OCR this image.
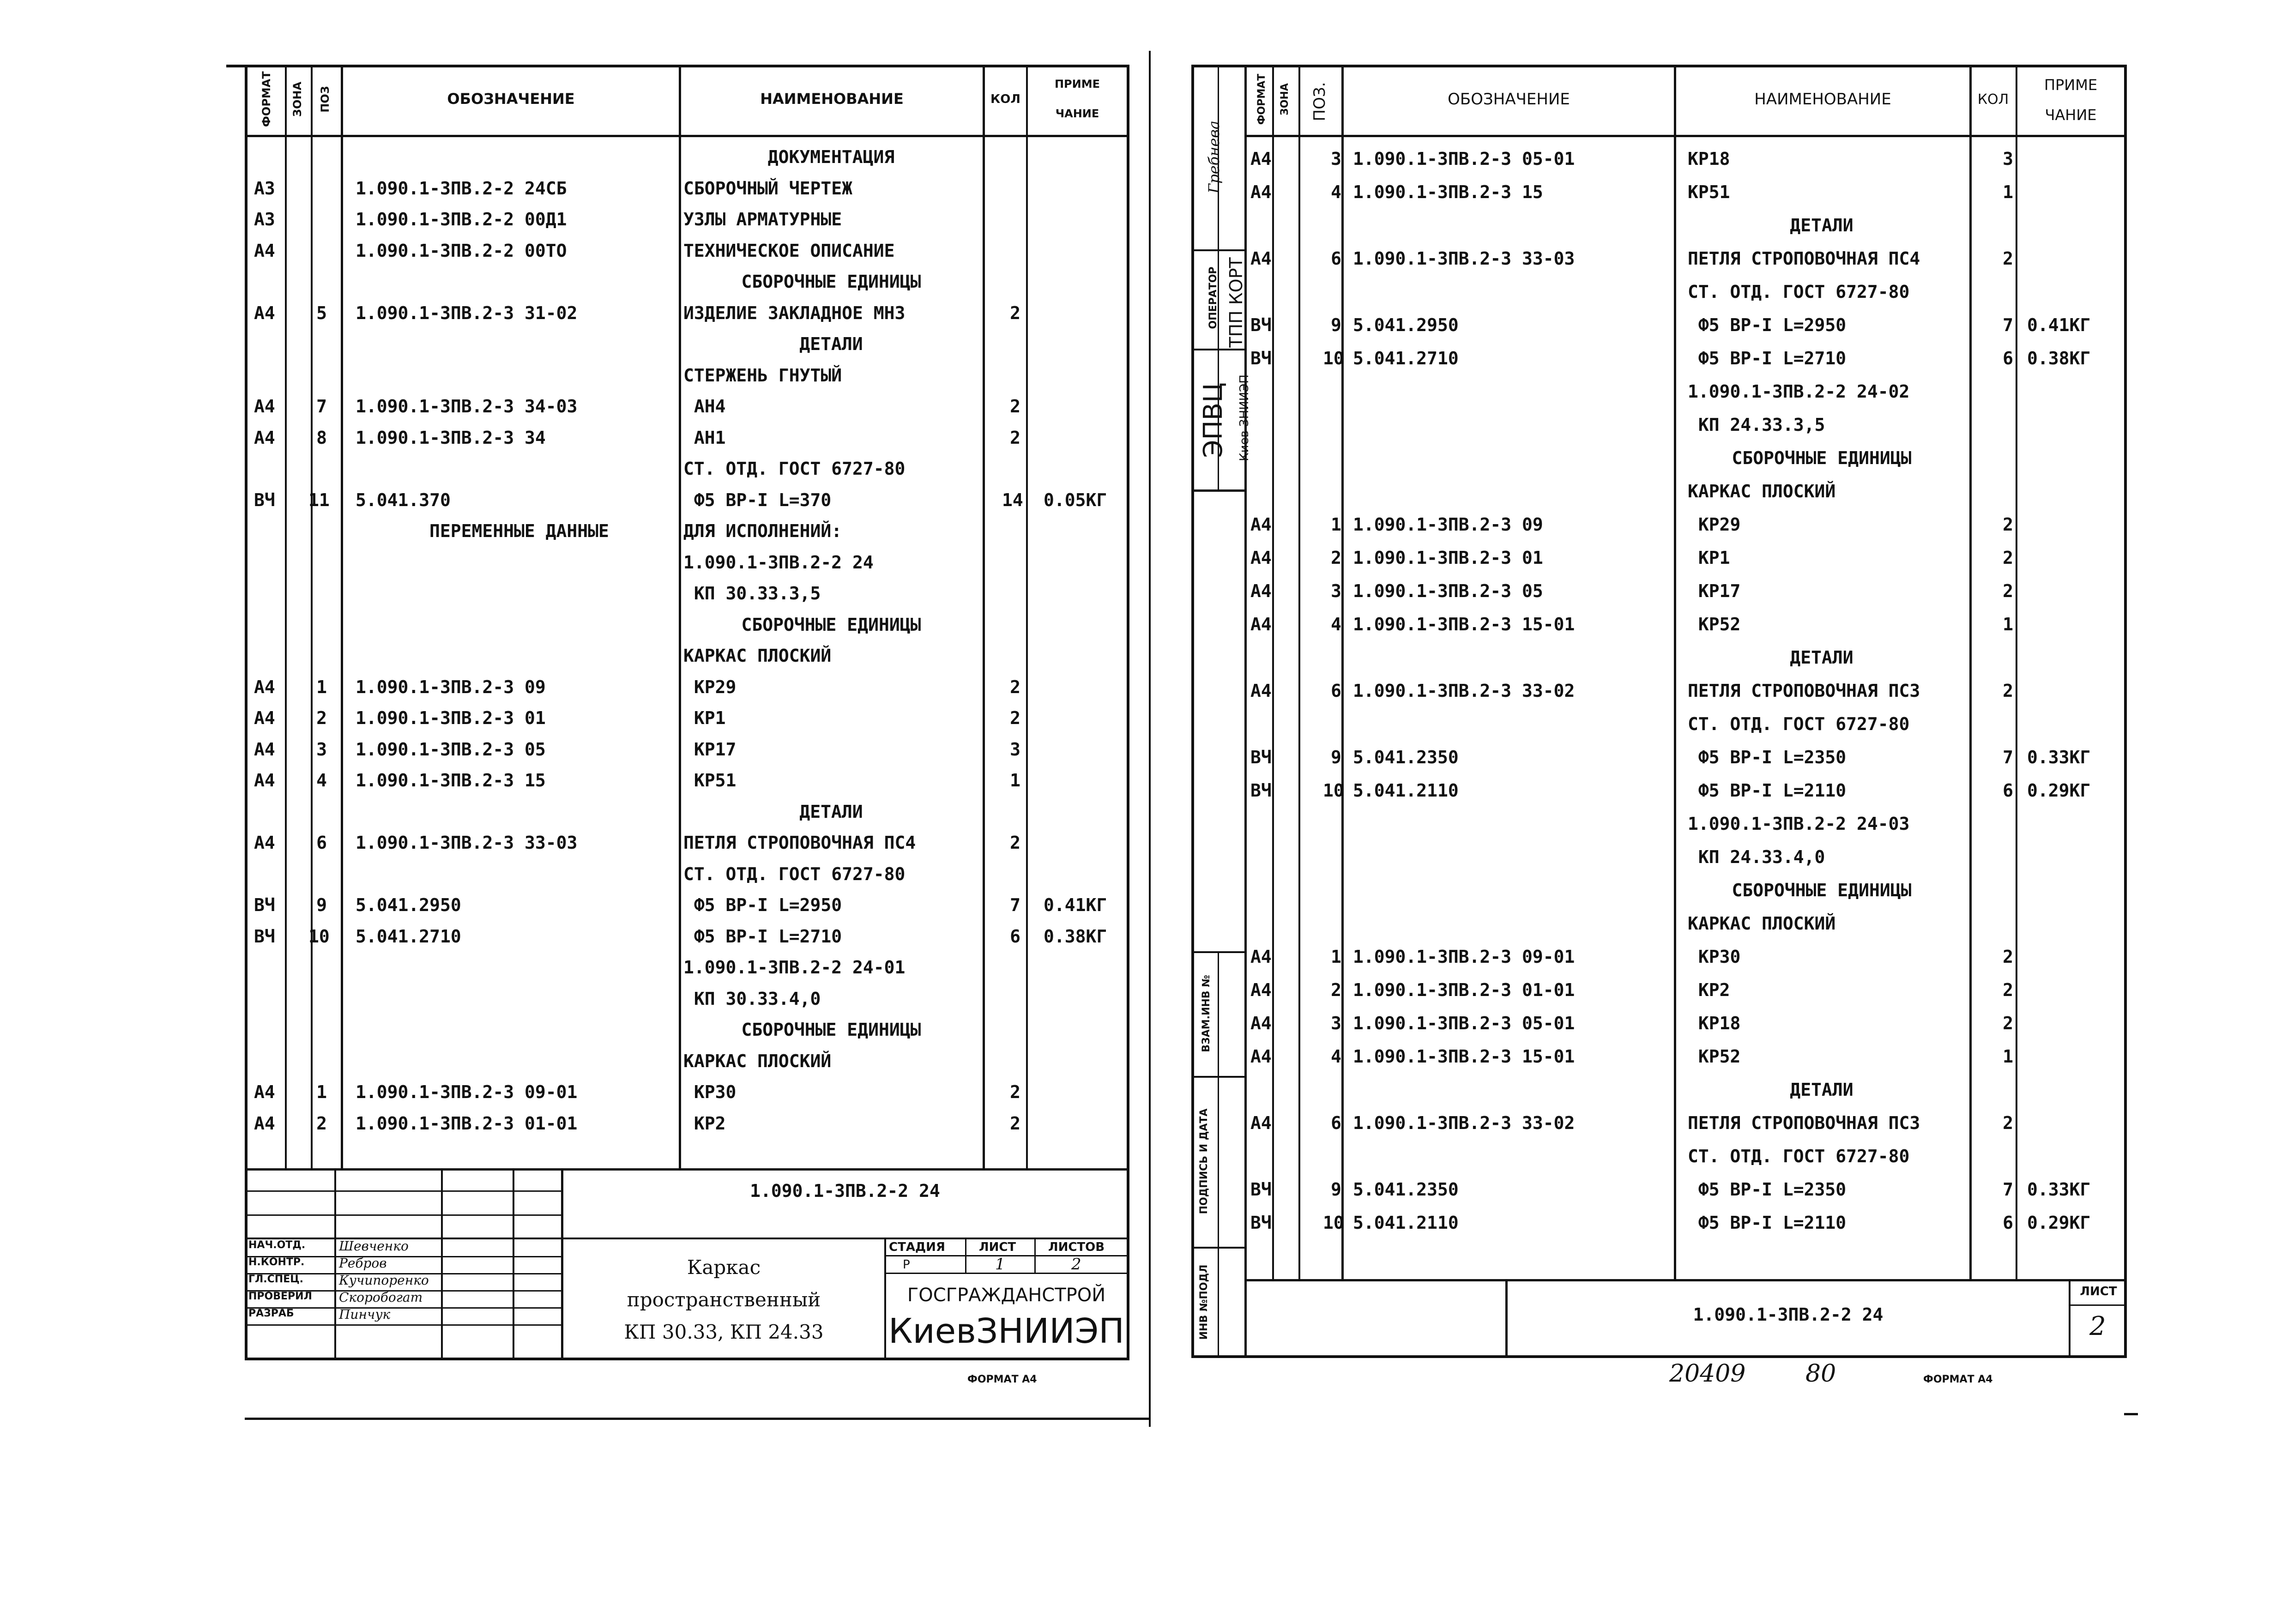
ФОРМАТ ЗОНА ПОЗ	ОБОЗНАЧЕНИЕ	НАИМЕНОВАНИЕ	КОЛ
ПРИМЕ
ЧАНИЕ
ДОКУМЕНТАЦИЯ
А3	1.090.1-3ПВ.2-2 24СБ	СБОРОЧНЫЙ ЧЕРТЕЖ
А3	1.090.1-3ПВ.2-2 00Д1	УЗЛЫ АРМАТУРНЫЕ
А4	1.090.1-3ПВ.2-2 00ТО	ТЕХНИЧЕСКОЕ ОПИСАНИЕ
СБОРОЧНЫЕ ЕДИНИЦЫ
А4	5 1.090.1-3ПВ.2-3 31-02	ИЗДЕЛИЕ ЗАКЛАДНОЕ МН3	2
ДЕТАЛИ
СТЕРЖЕНЬ ГНУТЫЙ
А4	7 1.090.1-3ПВ.2-3 34-03	АН4	2
А4	8 1.090.1-3ПВ.2-3 34	АН1	2
СТ. ОТД. ГОСТ 6727-80
ВЧ 11 5.041.370	Ф5 ВР-I L=370	14 0.05КГ
ПЕРЕМЕННЫЕ ДАННЫЕ	ДЛЯ ИСПОЛНЕНИЙ:
1.090.1-3ПВ.2-2 24
КП 30.33.3,5
СБОРОЧНЫЕ ЕДИНИЦЫ
КАРКАС ПЛОСКИЙ
А4	1 1.090.1-3ПВ.2-3 09	КР29	2
А4	2 1.090.1-3ПВ.2-3 01	КР1	2
А4	3 1.090.1-3ПВ.2-3 05	КР17	3
А4	4 1.090.1-3ПВ.2-3 15	КР51	1
ДЕТАЛИ
А4	6 1.090.1-3ПВ.2-3 33-03	ПЕТЛЯ СТРОПОВОЧНАЯ ПС4	2
СТ. ОТД. ГОСТ 6727-80
ВЧ	9 5.041.2950	Ф5 ВР-I L=2950	7 0.41КГ
ВЧ 10 5.041.2710	Ф5 ВР-I L=2710	6 0.38КГ
1.090.1-3ПВ.2-2 24-01
КП 30.33.4,0
СБОРОЧНЫЕ ЕДИНИЦЫ
КАРКАС ПЛОСКИЙ
А4	1 1.090.1-3ПВ.2-3 09-01	КР30	2
А4	2 1.090.1-3ПВ.2-3 01-01	КР2	2
1.090.1-3ПВ.2-2 24
НАЧ.ОТД.	Шевченко
Н.КОНТР.	Ребров
ГЛ.СПЕЦ.	Кучипоренко
ПРОВЕРИЛ Скоробогат
РАЗРАБ	Пинчук
Каркас
пространственный
КП 30.33, КП 24.33
СТАДИЯ	ЛИСТ	ЛИСТОВ
Р	1	2
ГОСГРАЖДАНСТРОЙ
КиевЗНИИЭП
ФОРМАТ А4
Гребнева
ОПЕРАТОР ТПП КОРТ
ЭПВЦ Киев ЗНИИЭП
ВЗАМ.ИНВ №
ПОДПИСЬ И ДАТА
ИНВ №ПОДЛ
ФОРМАТ ЗОНА ПОЗ.	ОБОЗНАЧЕНИЕ	НАИМЕНОВАНИЕ	КОЛ
ПРИМЕ
ЧАНИЕ
А4	3 1.090.1-3ПВ.2-3 05-01	КР18	3
А4	4 1.090.1-3ПВ.2-3 15	КР51	1
ДЕТАЛИ
А4	6 1.090.1-3ПВ.2-3 33-03	ПЕТЛЯ СТРОПОВОЧНАЯ ПС4	2
СТ. ОТД. ГОСТ 6727-80
ВЧ	9 5.041.2950	Ф5 ВР-I L=2950	7 0.41КГ
ВЧ	10 5.041.2710	Ф5 ВР-I L=2710	6 0.38КГ
1.090.1-3ПВ.2-2 24-02
КП 24.33.3,5
СБОРОЧНЫЕ ЕДИНИЦЫ
КАРКАС ПЛОСКИЙ
А4	1 1.090.1-3ПВ.2-3 09	КР29	2
А4	2 1.090.1-3ПВ.2-3 01	КР1	2
А4	3 1.090.1-3ПВ.2-3 05	КР17	2
А4	4 1.090.1-3ПВ.2-3 15-01	КР52	1
ДЕТАЛИ
А4	6 1.090.1-3ПВ.2-3 33-02	ПЕТЛЯ СТРОПОВОЧНАЯ ПС3	2
СТ. ОТД. ГОСТ 6727-80
ВЧ	9 5.041.2350	Ф5 ВР-I L=2350	7 0.33КГ
ВЧ	10 5.041.2110	Ф5 ВР-I L=2110	6 0.29КГ
1.090.1-3ПВ.2-2 24-03
КП 24.33.4,0
СБОРОЧНЫЕ ЕДИНИЦЫ
КАРКАС ПЛОСКИЙ
А4	1 1.090.1-3ПВ.2-3 09-01	КР30	2
А4	2 1.090.1-3ПВ.2-3 01-01	КР2	2
А4	3 1.090.1-3ПВ.2-3 05-01	КР18	2
А4	4 1.090.1-3ПВ.2-3 15-01	КР52	1
ДЕТАЛИ
А4	6 1.090.1-3ПВ.2-3 33-02	ПЕТЛЯ СТРОПОВОЧНАЯ ПС3	2
СТ. ОТД. ГОСТ 6727-80
ВЧ	9 5.041.2350	Ф5 ВР-I L=2350	7 0.33КГ
ВЧ	10 5.041.2110	Ф5 ВР-I L=2110	6 0.29КГ
1.090.1-3ПВ.2-2 24
ЛИСТ
2
20409 80	ФОРМАТ А4
